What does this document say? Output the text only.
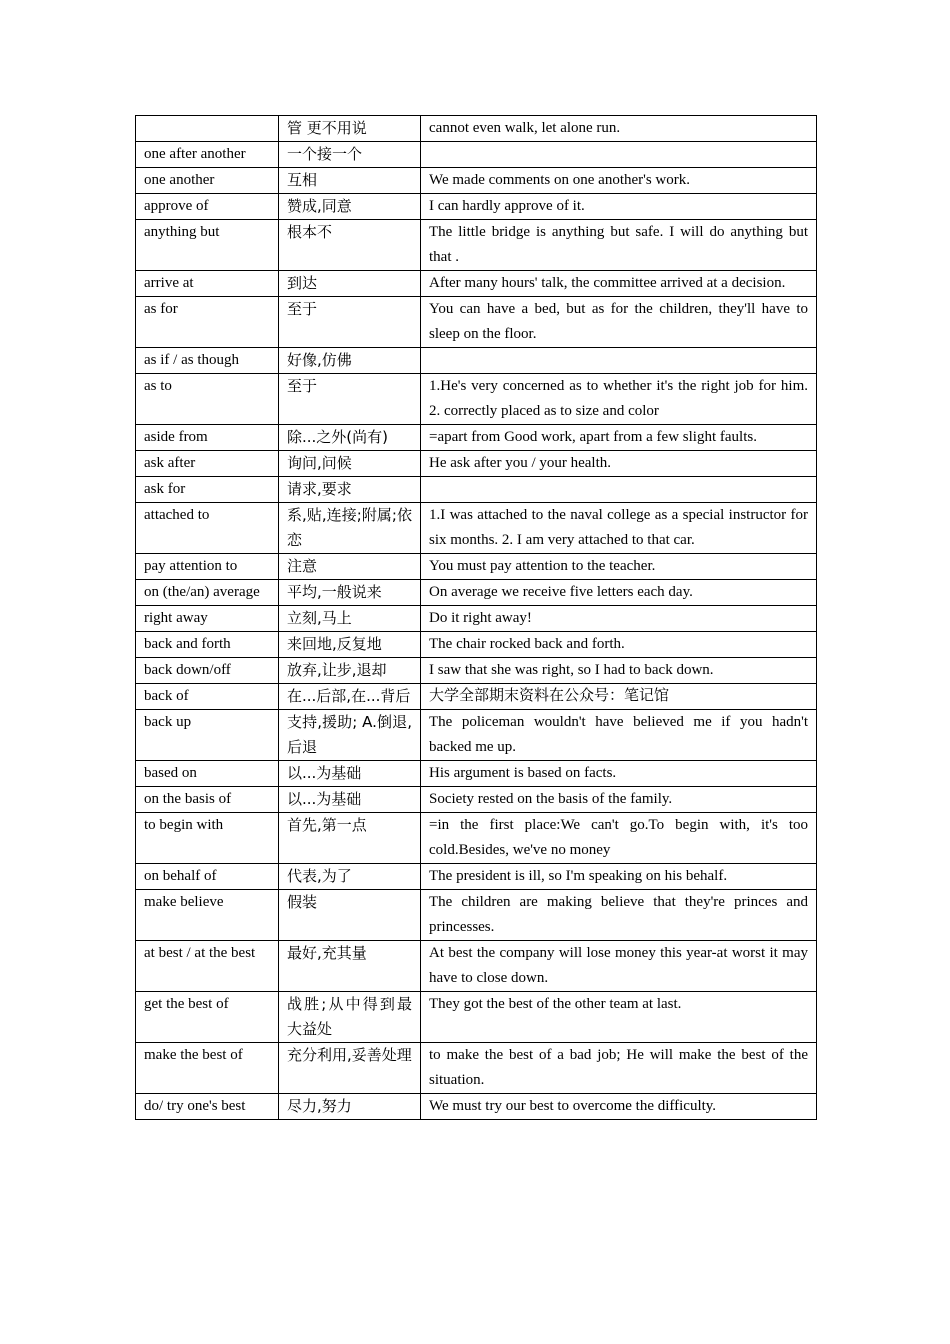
	管 更不用说	cannot even walk, let alone run.
one after another	一个接一个	
one another	互相	We made comments on one another's work.
approve of	赞成,同意	I can hardly approve of it.
anything but	根本不	The little bridge is anything but safe. I will do anything but that .
arrive at	到达	After many hours' talk, the committee arrived at a decision.
as for	至于	You can have a bed, but as for the children, they'll have to sleep on the floor.
as if / as though	好像,仿佛	
as to	至于	1.He's very concerned as to whether it's the right job for him. 2. correctly placed as to size and color
aside from	除...之外(尚有)	=apart from Good work, apart from a few slight faults.
ask after	询问,问候	He ask after you / your health.
ask for	请求,要求	
attached to	系,贴,连接;附属;依恋	1.I was attached to the naval college as a special instructor for six months. 2. I am very attached to that car.
pay attention to	注意	You must pay attention to the teacher.
on (the/an) average	平均,一般说来	On average we receive five letters each day.
right away	立刻,马上	Do it right away!
back and forth	来回地,反复地	The chair rocked back and forth.
back down/off	放弃,让步,退却	I saw that she was right, so I had to back down.
back of	在...后部,在...背后	大学全部期末资料在公众号：笔记馆
back up	支持,援助; A.倒退,后退	The policeman wouldn't have believed me if you hadn't backed me up.
based on	以...为基础	His argument is based on facts.
on the basis of	以...为基础	Society rested on the basis of the family.
to begin with	首先,第一点	=in the first place:We can't go.To begin with, it's too cold.Besides, we've no money
on behalf of	代表,为了	The president is ill, so I'm speaking on his behalf.
make believe	假装	The children are making believe that they're princes and princesses.
at best / at the best	最好,充其量	At best the company will lose money this year-at worst it may have to close down.
get the best of	战胜;从中得到最大益处	They got the best of the other team at last.
make the best of	充分利用,妥善处理	to make the best of a bad job; He will make the best of the situation.
do/ try one's best	尽力,努力	We must try our best to overcome the difficulty.
